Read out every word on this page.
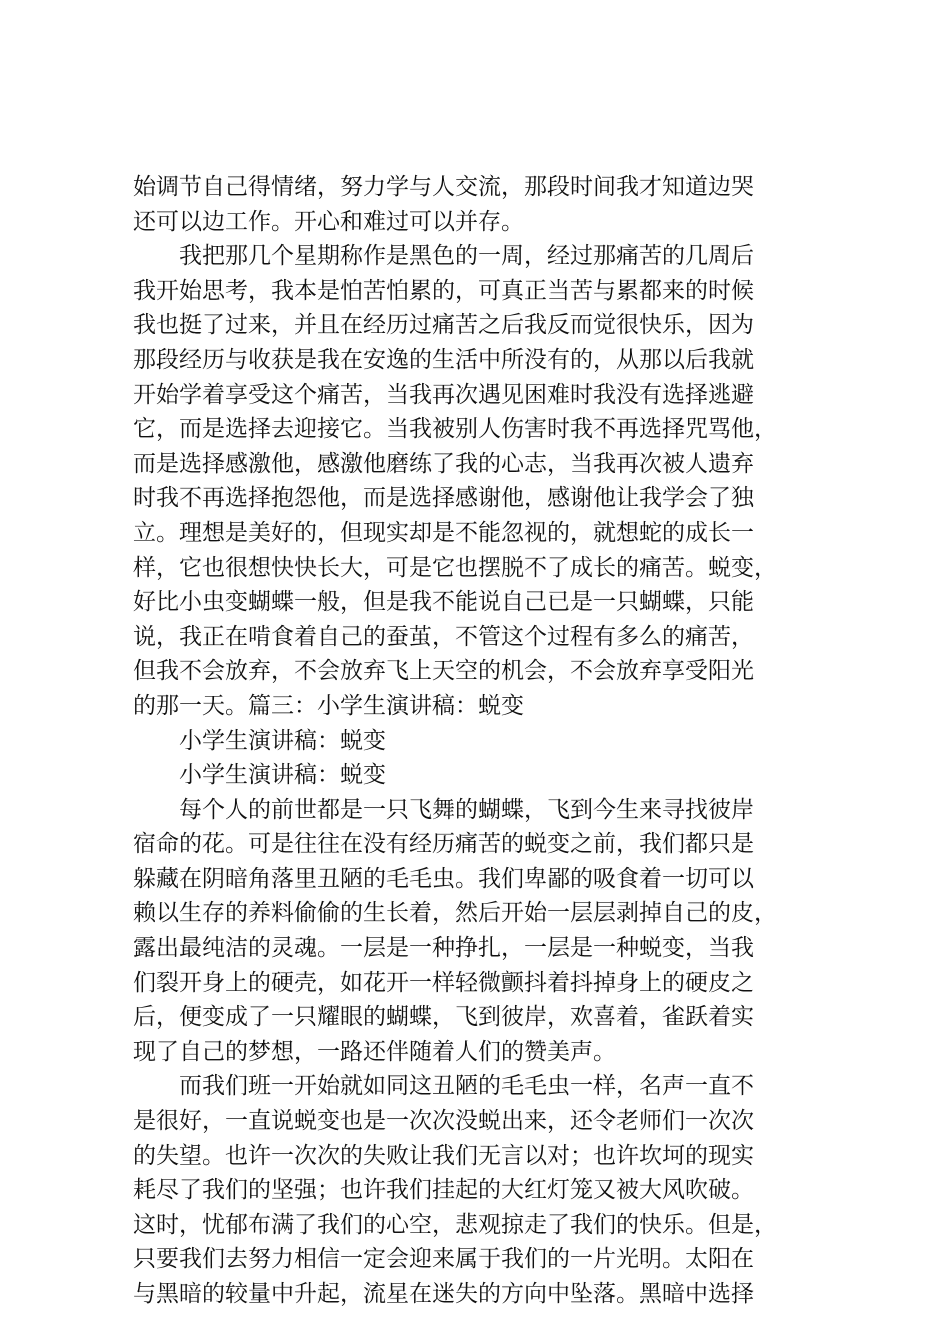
始调节自己得情绪，努力学与人交流，那段时间我才知道边哭
还可以边工作。开心和难过可以并存。
我把那几个星期称作是黑色的一周，经过那痛苦的几周后
我开始思考，我本是怕苦怕累的，可真正当苦与累都来的时候
我也挺了过来，并且在经历过痛苦之后我反而觉很快乐，因为
那段经历与收获是我在安逸的生活中所没有的，从那以后我就
开始学着享受这个痛苦，当我再次遇见困难时我没有选择逃避
它，而是选择去迎接它。当我被别人伤害时我不再选择咒骂他，
而是选择感激他，感激他磨练了我的心志，当我再次被人遗弃
时我不再选择抱怨他，而是选择感谢他，感谢他让我学会了独
立。理想是美好的，但现实却是不能忽视的，就想蛇的成长一
样，它也很想快快长大，可是它也摆脱不了成长的痛苦。蜕变，
好比小虫变蝴蝶一般，但是我不能说自己已是一只蝴蝶，只能
说，我正在啃食着自己的蚕茧，不管这个过程有多么的痛苦，
但我不会放弃，不会放弃飞上天空的机会，不会放弃享受阳光
的那一天。篇三：小学生演讲稿：蜕变
小学生演讲稿：蜕变
小学生演讲稿：蜕变
每个人的前世都是一只飞舞的蝴蝶，飞到今生来寻找彼岸
宿命的花。可是往往在没有经历痛苦的蜕变之前，我们都只是
躲藏在阴暗角落里丑陋的毛毛虫。我们卑鄙的吸食着一切可以
赖以生存的养料偷偷的生长着，然后开始一层层剥掉自己的皮，
露出最纯洁的灵魂。一层是一种挣扎，一层是一种蜕变，当我
们裂开身上的硬壳，如花开一样轻微颤抖着抖掉身上的硬皮之
后，便变成了一只耀眼的蝴蝶，飞到彼岸，欢喜着，雀跃着实
现了自己的梦想，一路还伴随着人们的赞美声。
而我们班一开始就如同这丑陋的毛毛虫一样，名声一直不
是很好，一直说蜕变也是一次次没蜕出来，还令老师们一次次
的失望。也许一次次的失败让我们无言以对；也许坎坷的现实
耗尽了我们的坚强；也许我们挂起的大红灯笼又被大风吹破。
这时，忧郁布满了我们的心空，悲观掠走了我们的快乐。但是，
只要我们去努力相信一定会迎来属于我们的一片光明。太阳在
与黑暗的较量中升起，流星在迷失的方向中坠落。黑暗中选择
